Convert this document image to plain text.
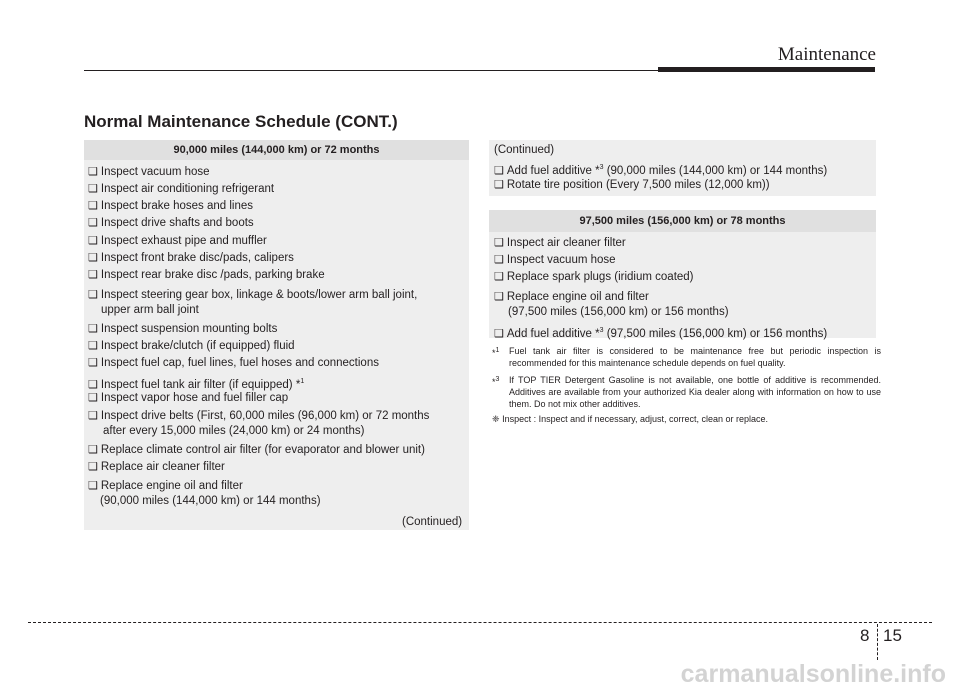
Maintenance
Normal Maintenance Schedule (CONT.)
90,000 miles (144,000 km) or 72 months
❑ Inspect vacuum hose
❑ Inspect air conditioning refrigerant
❑ Inspect brake hoses and lines
❑ Inspect drive shafts and boots
❑ Inspect exhaust pipe and muffler
❑ Inspect front brake disc/pads, calipers
❑ Inspect rear brake disc /pads, parking brake
❑ Inspect steering gear box, linkage & boots/lower arm ball joint,
upper arm ball joint
❑ Inspect suspension mounting bolts
❑ Inspect brake/clutch (if equipped) fluid
❑ Inspect fuel cap, fuel lines, fuel hoses and connections
❑ Inspect fuel tank air filter (if equipped) *$^1$
❑ Inspect vapor hose and fuel filler cap
❑ Inspect drive belts (First, 60,000 miles (96,000 km) or 72 months
after every 15,000 miles (24,000 km) or 24 months)
❑ Replace climate control air filter (for evaporator and blower unit)
❑ Replace air cleaner filter
❑ Replace engine oil and filter
(90,000 miles (144,000 km) or 144 months)
(Continued)
(Continued)
❑ Add fuel additive *$^3$ (90,000 miles (144,000 km) or 144 months)
❑ Rotate tire position (Every 7,500 miles (12,000 km))
97,500 miles (156,000 km) or 78 months
❑ Inspect air cleaner filter
❑ Inspect vacuum hose
❑ Replace spark plugs (iridium coated)
❑ Replace engine oil and filter
(97,500 miles (156,000 km) or 156 months)
❑ Add fuel additive *$^3$ (97,500 miles (156,000 km) or 156 months)
*$^1$ Fuel tank air filter is considered to be maintenance free but periodic inspection is recommended for this maintenance schedule depends on fuel quality.
*$^3$ If TOP TIER Detergent Gasoline is not available, one bottle of additive is recommended. Additives are available from your authorized Kia dealer along with information on how to use them. Do not mix other additives.
❈ Inspect : Inspect and if necessary, adjust, correct, clean or replace.
8 15
carmanualsonline.info
